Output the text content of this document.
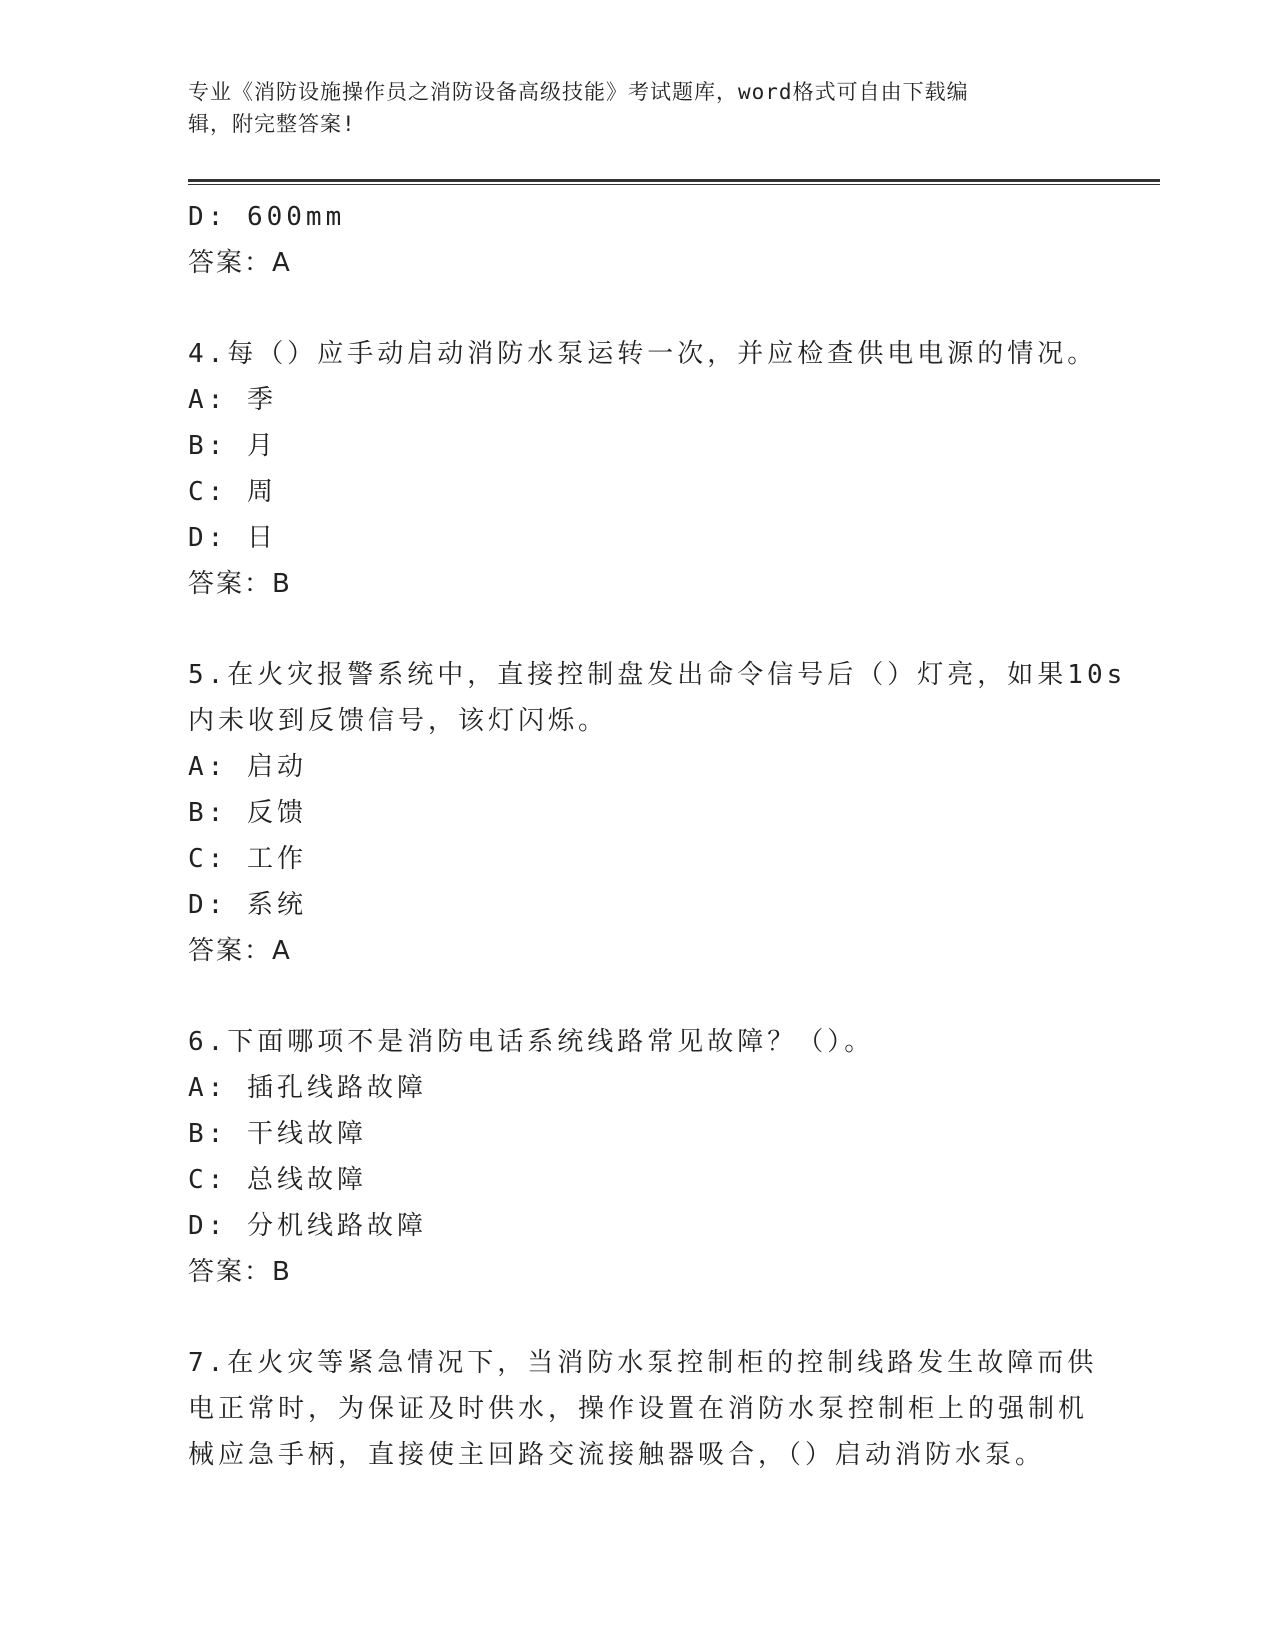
专业《消防设施操作员之消防设备高级技能》考试题库，word格式可自由下载编
辑，附完整答案!
D: 600mm
答案：A
4.每（）应手动启动消防水泵运转一次，并应检查供电电源的情况。
A: 季
B: 月
C: 周
D: 日
答案：B
5.在火灾报警系统中，直接控制盘发出命令信号后（）灯亮，如果10s
内未收到反馈信号，该灯闪烁。
A: 启动
B: 反馈
C: 工作
D: 系统
答案：A
6.下面哪项不是消防电话系统线路常见故障？（）。
A: 插孔线路故障
B: 干线故障
C: 总线故障
D: 分机线路故障
答案：B
7.在火灾等紧急情况下，当消防水泵控制柜的控制线路发生故障而供
电正常时，为保证及时供水，操作设置在消防水泵控制柜上的强制机
械应急手柄，直接使主回路交流接触器吸合，（）启动消防水泵。
